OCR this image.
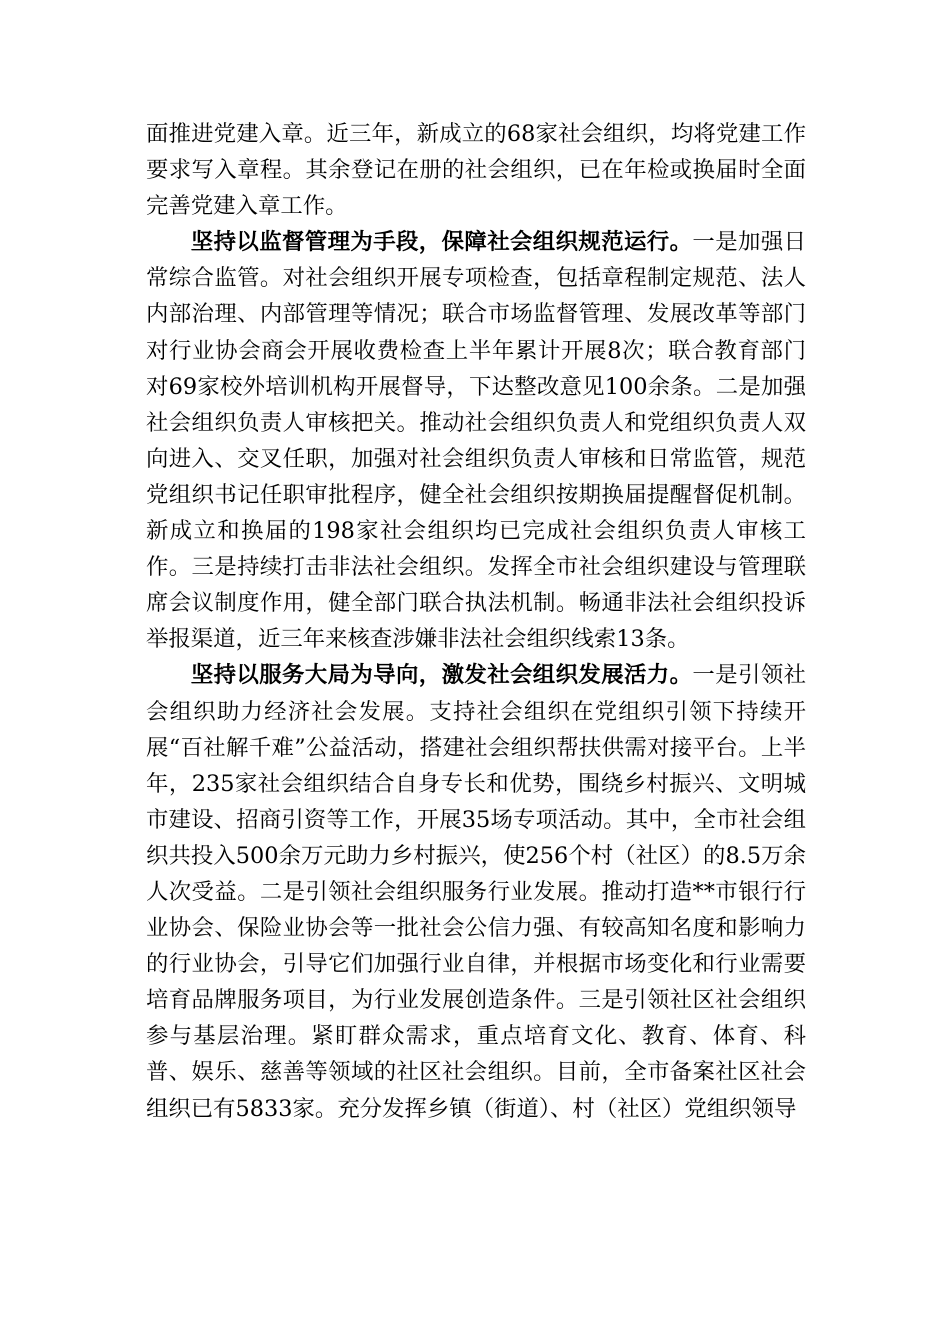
面推进党建入章。近三年，新成立的68家社会组织，均将党建工作要求写入章程。其余登记在册的社会组织，已在年检或换届时全面完善党建入章工作。

坚持以监督管理为手段，保障社会组织规范运行。一是加强日常综合监管。对社会组织开展专项检查，包括章程制定规范、法人内部治理、内部管理等情况；联合市场监督管理、发展改革等部门对行业协会商会开展收费检查上半年累计开展8次；联合教育部门对69家校外培训机构开展督导，下达整改意见100余条。二是加强社会组织负责人审核把关。推动社会组织负责人和党组织负责人双向进入、交叉任职，加强对社会组织负责人审核和日常监管，规范党组织书记任职审批程序，健全社会组织按期换届提醒督促机制。新成立和换届的198家社会组织均已完成社会组织负责人审核工作。三是持续打击非法社会组织。发挥全市社会组织建设与管理联席会议制度作用，健全部门联合执法机制。畅通非法社会组织投诉举报渠道，近三年来核查涉嫌非法社会组织线索13条。

坚持以服务大局为导向，激发社会组织发展活力。一是引领社会组织助力经济社会发展。支持社会组织在党组织引领下持续开展“百社解千难”公益活动，搭建社会组织帮扶供需对接平台。上半年，235家社会组织结合自身专长和优势，围绕乡村振兴、文明城市建设、招商引资等工作，开展35场专项活动。其中，全市社会组织共投入500余万元助力乡村振兴，使256个村（社区）的8.5万余人次受益。二是引领社会组织服务行业发展。推动打造**市银行行业协会、保险业协会等一批社会公信力强、有较高知名度和影响力的行业协会，引导它们加强行业自律，并根据市场变化和行业需要培育品牌服务项目，为行业发展创造条件。三是引领社区社会组织参与基层治理。紧盯群众需求，重点培育文化、教育、体育、科普、娱乐、慈善等领域的社区社会组织。目前，全市备案社区社会组织已有5833家。充分发挥乡镇（街道）、村（社区）党组织领导
